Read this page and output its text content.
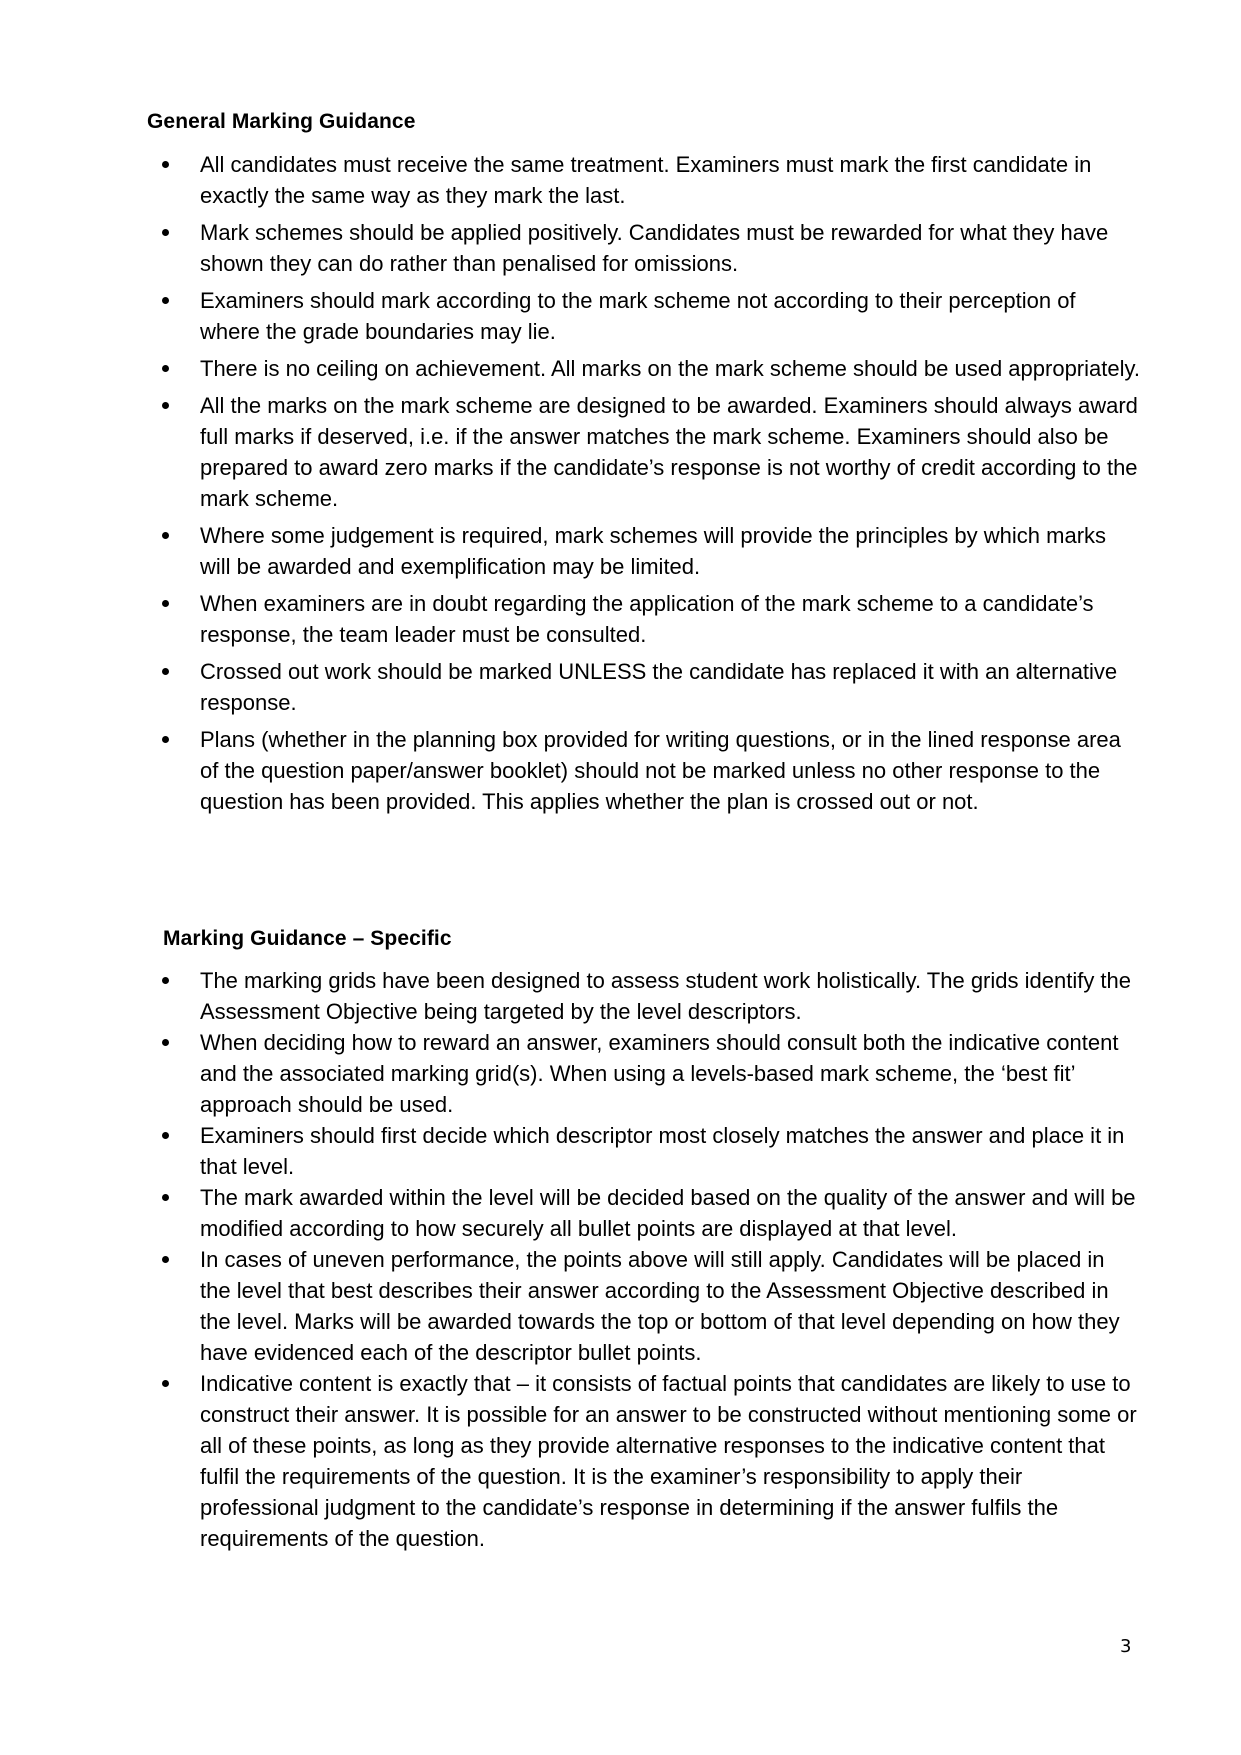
General Marking Guidance
All candidates must receive the same treatment. Examiners must mark the first candidate in exactly the same way as they mark the last.
Mark schemes should be applied positively. Candidates must be rewarded for what they have shown they can do rather than penalised for omissions.
Examiners should mark according to the mark scheme not according to their perception of where the grade boundaries may lie.
There is no ceiling on achievement. All marks on the mark scheme should be used appropriately.
All the marks on the mark scheme are designed to be awarded. Examiners should always award full marks if deserved, i.e. if the answer matches the mark scheme. Examiners should also be prepared to award zero marks if the candidate’s response is not worthy of credit according to the mark scheme.
Where some judgement is required, mark schemes will provide the principles by which marks will be awarded and exemplification may be limited.
When examiners are in doubt regarding the application of the mark scheme to a candidate’s response, the team leader must be consulted.
Crossed out work should be marked UNLESS the candidate has replaced it with an alternative response.
Plans (whether in the planning box provided for writing questions, or in the lined response area of the question paper/answer booklet) should not be marked unless no other response to the question has been provided. This applies whether the plan is crossed out or not.
Marking Guidance – Specific
The marking grids have been designed to assess student work holistically. The grids identify the Assessment Objective being targeted by the level descriptors.
When deciding how to reward an answer, examiners should consult both the indicative content and the associated marking grid(s). When using a levels-based mark scheme, the ‘best fit’ approach should be used.
Examiners should first decide which descriptor most closely matches the answer and place it in that level.
The mark awarded within the level will be decided based on the quality of the answer and will be modified according to how securely all bullet points are displayed at that level.
In cases of uneven performance, the points above will still apply. Candidates will be placed in the level that best describes their answer according to the Assessment Objective described in the level. Marks will be awarded towards the top or bottom of that level depending on how they have evidenced each of the descriptor bullet points.
Indicative content is exactly that – it consists of factual points that candidates are likely to use to construct their answer. It is possible for an answer to be constructed without mentioning some or all of these points, as long as they provide alternative responses to the indicative content that fulfil the requirements of the question. It is the examiner’s responsibility to apply their professional judgment to the candidate’s response in determining if the answer fulfils the requirements of the question.
3
